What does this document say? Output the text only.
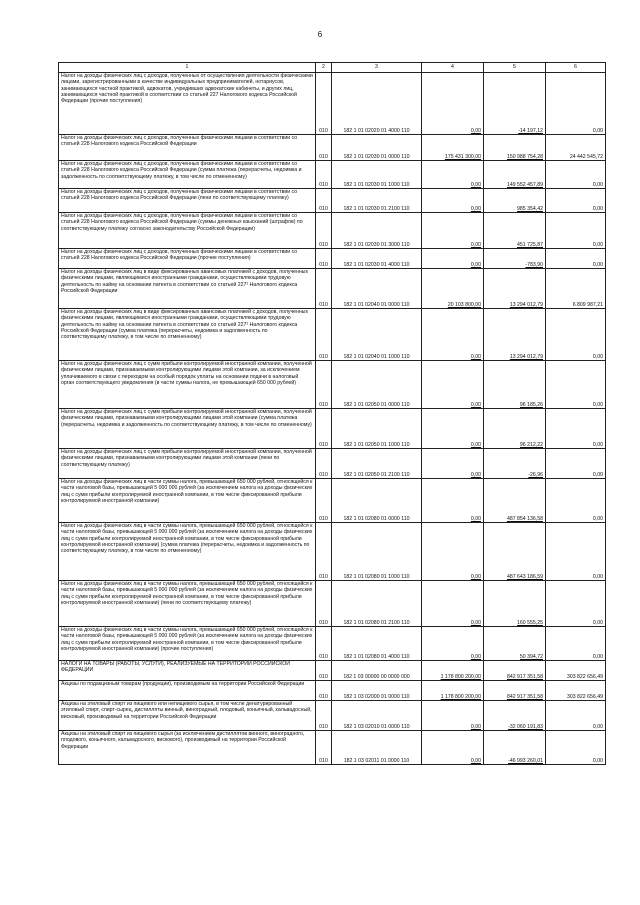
6
1	2	3	4	5	6
Налог на доходы физических лиц с доходов, полученных от осуществления деятельности физическими лицами, зарегистрированными в качестве индивидуальных предпринимателей, нотариусов, занимающихся частной практикой, адвокатов, учредивших адвокатские кабинеты, и других лиц, занимающихся частной практикой в соответствии со статьей 227 Налогового кодекса Российской Федерации (прочие поступления)	010	182 1 01 02020 01 4000 110	0,00	-14 197,12	0,00
Налог на доходы физических лиц с доходов, полученных физическими лицами в соответствии со статьей 228 Налогового кодекса Российской Федерации	010	182 1 01 02030 01 0000 110	175 431 300,00	150 988 754,28	24 442 545,72
Налог на доходы физических лиц с доходов, полученных физическими лицами в соответствии со статьей 228 Налогового кодекса Российской Федерации (сумма платежа (перерасчеты, недоимка и задолженность по соответствующему платежу, в том числе по отмененному)	010	182 1 01 02030 01 1000 110	0,00	149 552 457,89	0,00
Налог на доходы физических лиц с доходов, полученных физическими лицами в соответствии со статьей 228 Налогового кодекса Российской Федерации (пени по соответствующему платежу)	010	182 1 01 02030 01 2100 110	0,00	985 354,42	0,00
Налог на доходы физических лиц с доходов, полученных физическими лицами в соответствии со статьей 228 Налогового кодекса Российской Федерации (суммы денежных взысканий (штрафов) по соответствующему платежу согласно законодательству Российской Федерации)	010	182 1 01 02030 01 3000 110	0,00	451 725,87	0,00
Налог на доходы физических лиц с доходов, полученных физическими лицами в соответствии со статьей 228 Налогового кодекса Российской Федерации (прочие поступления)	010	182 1 01 02030 01 4000 110	0,00	-783,90	0,00
Налог на доходы физических лиц в виде фиксированных авансовых платежей с доходов, полученных физическими лицами, являющимися иностранными гражданами, осуществляющими трудовую деятельность по найму на основании патента в соответствии со статьей 227¹ Налогового кодекса Российской Федерации	010	182 1 01 02040 01 0000 110	20 103 800,00	13 294 012,79	6 809 987,21
Налог на доходы физических лиц в виде фиксированных авансовых платежей с доходов, полученных физическими лицами, являющимися иностранными гражданами, осуществляющими трудовую деятельность по найму на основании патента в соответствии со статьей 227¹ Налогового кодекса Российской Федерации (сумма платежа (перерасчеты, недоимка и задолженность по соответствующему платежу, в том числе по отмененному)	010	182 1 01 02040 01 1000 110	0,00	13 294 012,79	0,00
Налог на доходы физических лиц с сумм прибыли контролируемой иностранной компании, полученной физическими лицами, признаваемыми контролирующими лицами этой компании, за исключением уплачиваемого в связи с переходом на особый порядок уплаты на основании подачи в налоговый орган соответствующего уведомления (в части суммы налога, не превышающей 650 000 рублей)	010	182 1 01 02050 01 0000 110	0,00	96 185,26	0,00
Налог на доходы физических лиц с сумм прибыли контролируемой иностранной компании, полученной физическими лицами, признаваемыми контролирующими лицами этой компании (сумма платежа (перерасчеты, недоимка и задолженность по соответствующему платежу, в том числе по отмененному)	010	182 1 01 02050 01 1000 110	0,00	96 212,22	0,00
Налог на доходы физических лиц с сумм прибыли контролируемой иностранной компании, полученной физическими лицами, признаваемыми контролирующими лицами этой компании (пени по соответствующему платежу)	010	182 1 01 02050 01 2100 110	0,00	-26,96	0,00
Налог на доходы физических лиц в части суммы налога, превышающей 650 000 рублей, относящейся к части налоговой базы, превышающей 5 000 000 рублей (за исключением налога на доходы физических лиц с сумм прибыли контролируемой иностранной компании, в том числе фиксированной прибыли контролируемой иностранной компании)	010	182 1 01 02080 01 0000 110	0,00	487 854 136,58	0,00
Налог на доходы физических лиц в части суммы налога, превышающей 650 000 рублей, относящейся к части налоговой базы, превышающей 5 000 000 рублей (за исключением налога на доходы физических лиц с сумм прибыли контролируемой иностранной компании, в том числе фиксированной прибыли контролируемой иностранной компании) (сумма платежа (перерасчеты, недоимка и задолженность по соответствующему платежу, в том числе по отмененному)	010	182 1 01 02080 01 1000 110	0,00	487 643 186,59	0,00
Налог на доходы физических лиц в части суммы налога, превышающей 650 000 рублей, относящейся к части налоговой базы, превышающей 5 000 000 рублей (за исключением налога на доходы физических лиц с сумм прибыли контролируемой иностранной компании, в том числе фиксированной прибыли контролируемой иностранной компании) (пени по соответствующему платежу)	010	182 1 01 02080 01 2100 110	0,00	160 555,25	0,00
Налог на доходы физических лиц в части суммы налога, превышающей 650 000 рублей, относящейся к части налоговой базы, превышающей 5 000 000 рублей (за исключением налога на доходы физических лиц с сумм прибыли контролируемой иностранной компании, в том числе фиксированной прибыли контролируемой иностранной компании) (прочие поступления)	010	182 1 01 02080 01 4000 110	0,00	50 394,72	0,00
НАЛОГИ НА ТОВАРЫ (РАБОТЫ, УСЛУГИ), РЕАЛИЗУЕМЫЕ НА ТЕРРИТОРИИ РОССИЙСКОЙ ФЕДЕРАЦИИ	010	182 1 03 00000 00 0000 000	1 178 800 200,00	842 917 351,58	303 822 656,49
Акцизы по подакцизным товарам (продукции), производимым на территории Российской Федерации	010	182 1 03 02000 01 0000 110	1 178 800 200,00	842 917 351,58	303 822 656,49
Акцизы на этиловый спирт из пищевого или непищевого сырья, в том числе денатурированный этиловый спирт, спирт-сырец, дистилляты винный, виноградный, плодовый, коньячный, кальвадосный, висковый, производимый на территории Российской Федерации	010	182 1 03 02010 01 0000 110	0,00	-32 060 191,83	0,00
Акцизы на этиловый спирт из пищевого сырья (за исключением дистиллятов винного, виноградного, плодового, коньячного, кальвадосного, вискового), производимый на территории Российской Федерации	010	182 1 03 02011 01 0000 110	0,00	-46 993 260,01	0,00
